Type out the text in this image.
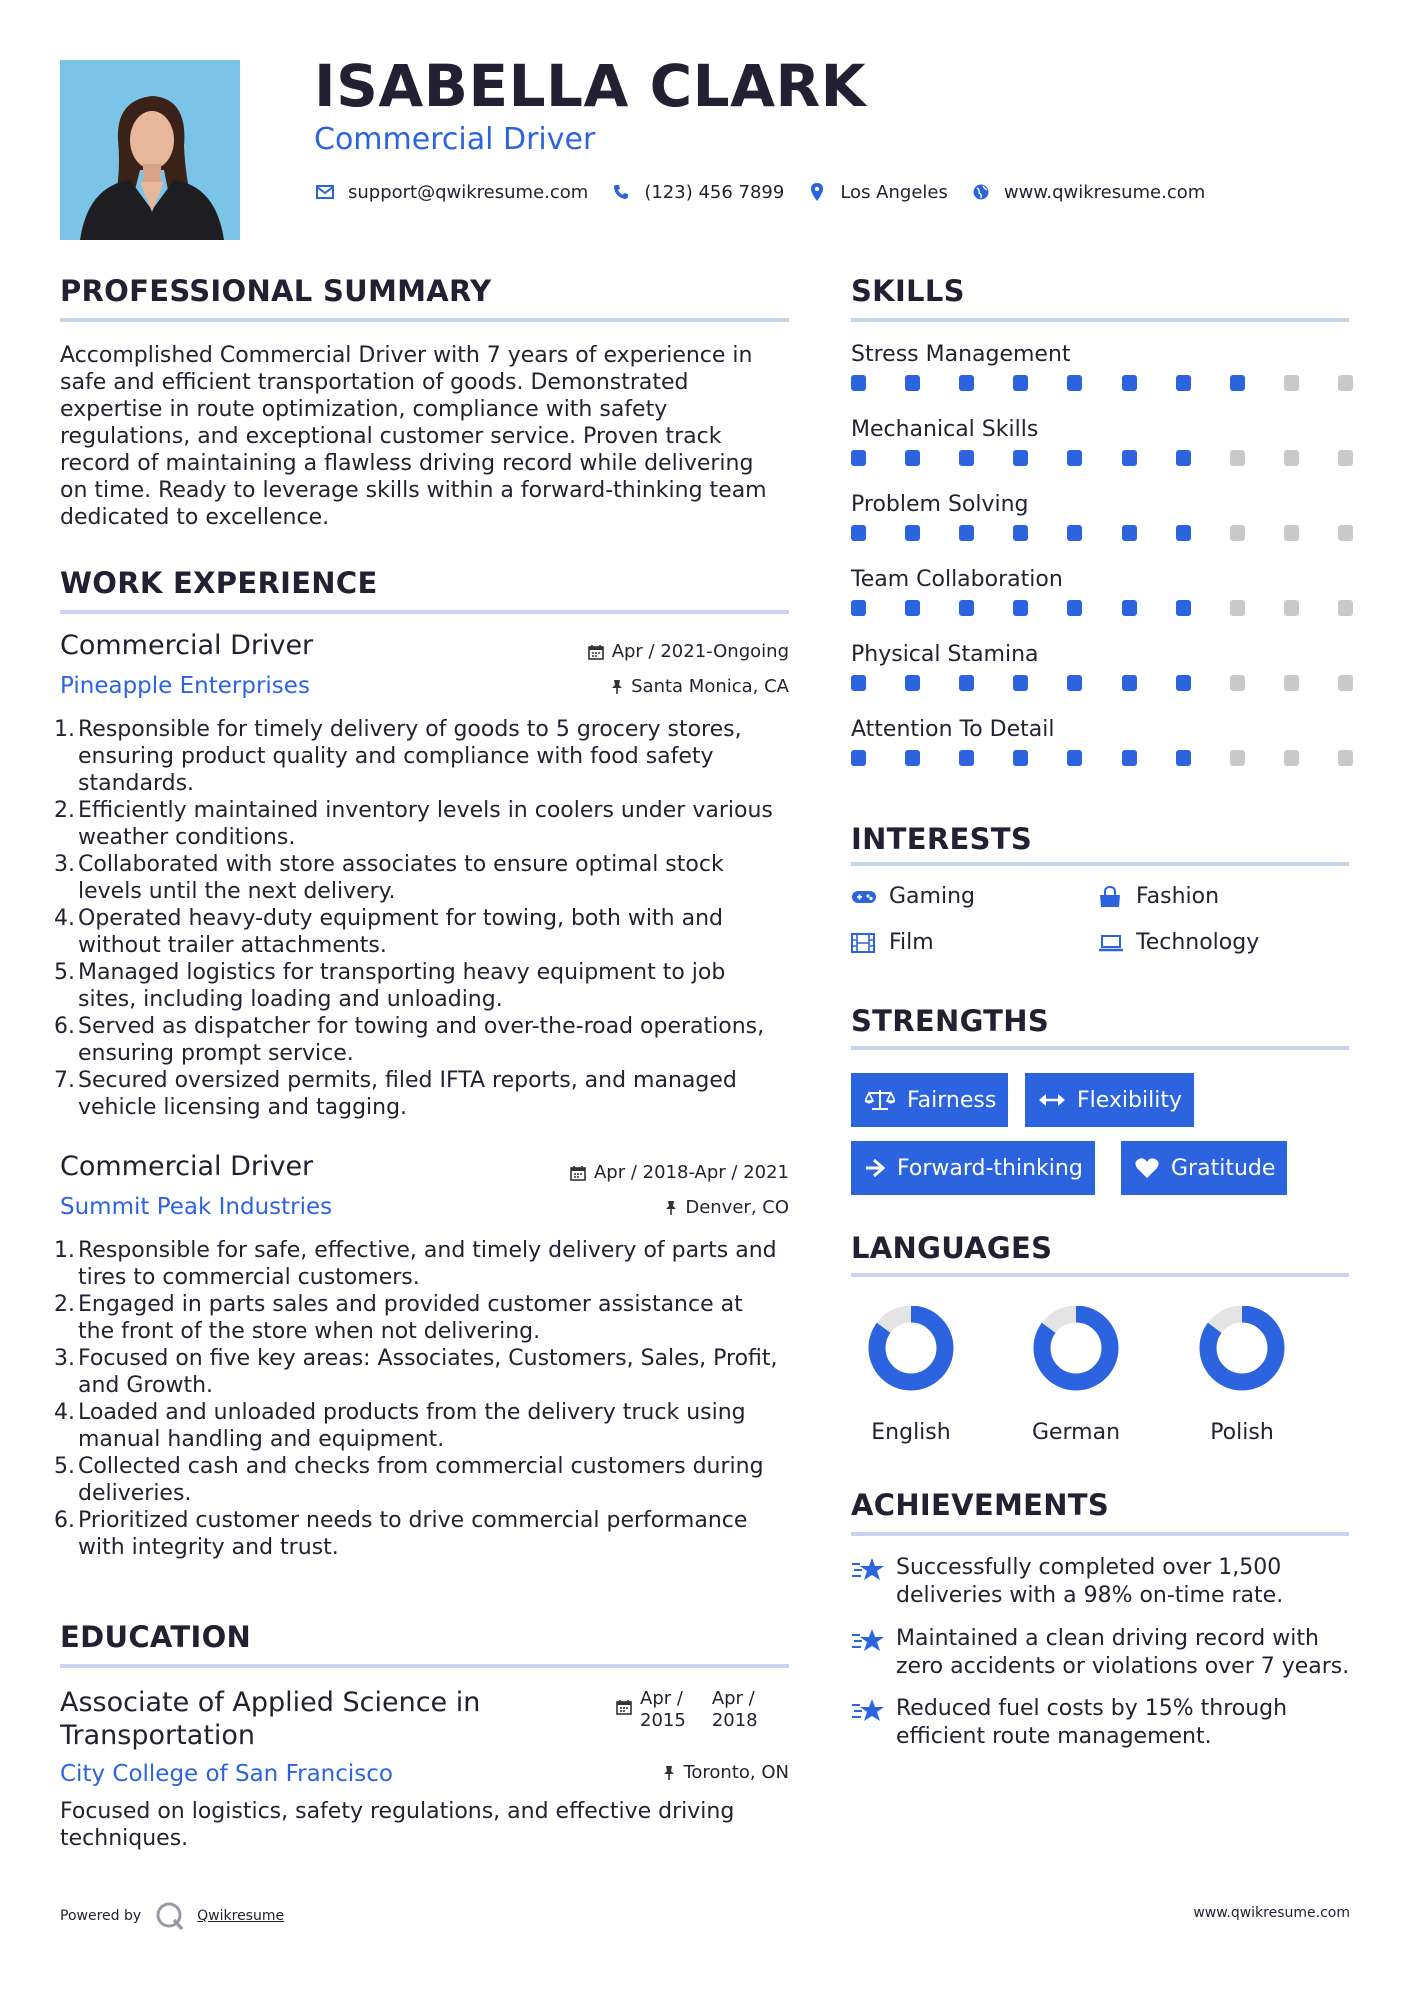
ISABELLA CLARK
Commercial Driver
support@qwikresume.com	(123) 456 7899	Los Angeles	www.qwikresume.com
PROFESSIONAL SUMMARY
Accomplished Commercial Driver with 7 years of experience in
safe and efficient transportation of goods. Demonstrated
expertise in route optimization, compliance with safety
regulations, and exceptional customer service. Proven track
record of maintaining a flawless driving record while delivering
on time. Ready to leverage skills within a forward-thinking team
dedicated to excellence.
WORK EXPERIENCE
Commercial Driver	Apr / 2021-Ongoing
Pineapple Enterprises	Santa Monica, CA
1. Responsible for timely delivery of goods to 5 grocery stores,
ensuring product quality and compliance with food safety
standards.
2. Efficiently maintained inventory levels in coolers under various
weather conditions.
3. Collaborated with store associates to ensure optimal stock
levels until the next delivery.
4. Operated heavy-duty equipment for towing, both with and
without trailer attachments.
5. Managed logistics for transporting heavy equipment to job
sites, including loading and unloading.
6. Served as dispatcher for towing and over-the-road operations,
ensuring prompt service.
7. Secured oversized permits, filed IFTA reports, and managed
vehicle licensing and tagging.
Commercial Driver	Apr / 2018-Apr / 2021
Summit Peak Industries	Denver, CO
1. Responsible for safe, effective, and timely delivery of parts and
tires to commercial customers.
2. Engaged in parts sales and provided customer assistance at
the front of the store when not delivering.
3. Focused on five key areas: Associates, Customers, Sales, Profit,
and Growth.
4. Loaded and unloaded products from the delivery truck using
manual handling and equipment.
5. Collected cash and checks from commercial customers during
deliveries.
6. Prioritized customer needs to drive commercial performance
with integrity and trust.
EDUCATION
Associate of Applied Science in
Transportation
Apr /
2015
Apr /
2018
City College of San Francisco	Toronto, ON
Focused on logistics, safety regulations, and effective driving
techniques.
SKILLS
Stress Management
Mechanical Skills
Problem Solving
Team Collaboration
Physical Stamina
Attention To Detail
INTERESTS
Gaming	Fashion
Film	Technology
STRENGTHS
Fairness	Flexibility
Forward-thinking	Gratitude
LANGUAGES
English	German	Polish
ACHIEVEMENTS
Successfully completed over 1,500
deliveries with a 98% on-time rate.
Maintained a clean driving record with
zero accidents or violations over 7 years.
Reduced fuel costs by 15% through
efficient route management.
Powered by	Qwikresume	www.qwikresume.com
